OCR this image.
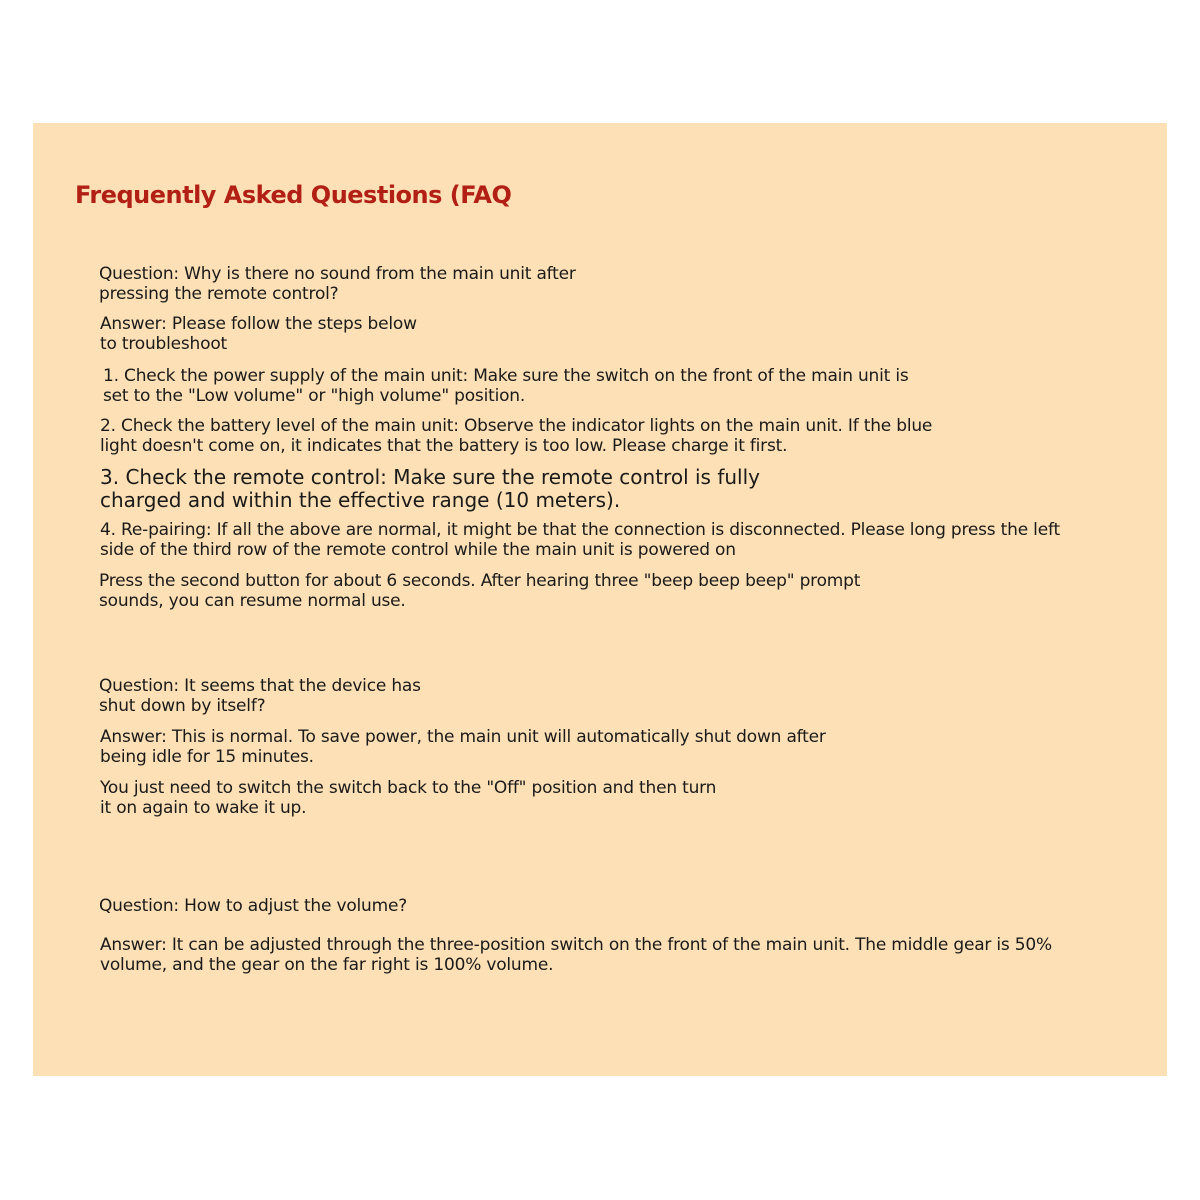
Frequently Asked Questions (FAQ

Question: Why is there no sound from the main unit after

pressing the remote control?

Answer: Please follow the steps below

to troubleshoot

1. Check the power supply of the main unit: Make sure the switch on the front of the main unit is

set to the "Low volume" or "high volume" position.

2. Check the battery level of the main unit: Observe the indicator lights on the main unit. If the blue

light doesn't come on, it indicates that the battery is too low. Please charge it first.

3. Check the remote control: Make sure the remote control is fully

charged and within the effective range (10 meters).

4. Re-pairing: If all the above are normal, it might be that the connection is disconnected. Please long press the left

side of the third row of the remote control while the main unit is powered on

Press the second button for about 6 seconds. After hearing three "beep beep beep" prompt

sounds, you can resume normal use.

Question: It seems that the device has

shut down by itself?

Answer: This is normal. To save power, the main unit will automatically shut down after

being idle for 15 minutes.

You just need to switch the switch back to the "Off" position and then turn

it on again to wake it up.

Question: How to adjust the volume?

Answer: It can be adjusted through the three-position switch on the front of the main unit. The middle gear is 50%

volume, and the gear on the far right is 100% volume.
